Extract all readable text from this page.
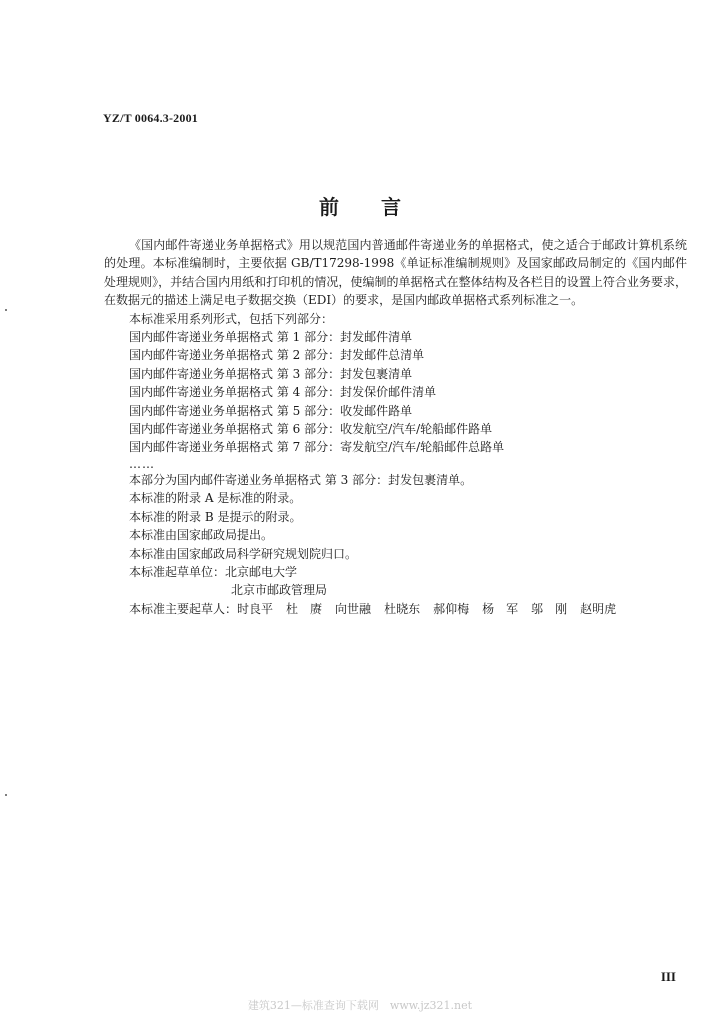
YZ/T 0064.3-2001
前 言

《国内邮件寄递业务单据格式》用以规范国内普通邮件寄递业务的单据格式，使之适合于邮政计算机系统的处理。本标准编制时，主要依据 GB/T17298-1998《单证标准编制规则》及国家邮政局制定的《国内邮件处理规则》，并结合国内用纸和打印机的情况，使编制的单据格式在整体结构及各栏目的设置上符合业务要求，在数据元的描述上满足电子数据交换（EDI）的要求，是国内邮政单据格式系列标准之一。

本标准采用系列形式，包括下列部分：

国内邮件寄递业务单据格式 第 1 部分：封发邮件清单

国内邮件寄递业务单据格式 第 2 部分：封发邮件总清单

国内邮件寄递业务单据格式 第 3 部分：封发包裹清单

国内邮件寄递业务单据格式 第 4 部分：封发保价邮件清单

国内邮件寄递业务单据格式 第 5 部分：收发邮件路单

国内邮件寄递业务单据格式 第 6 部分：收发航空/汽车/轮船邮件路单

国内邮件寄递业务单据格式 第 7 部分：寄发航空/汽车/轮船邮件总路单

……

本部分为国内邮件寄递业务单据格式 第 3 部分：封发包裹清单。

本标准的附录 A 是标准的附录。

本标准的附录 B 是提示的附录。

本标准由国家邮政局提出。

本标准由国家邮政局科学研究规划院归口。

本标准起草单位：北京邮电大学

北京市邮政管理局

本标准主要起草人：时良平 杜　赓 向世融 杜晓东 郝仰梅 杨　军 邬　刚 赵明虎

III
建筑321—标准查询下载网　www.jz321.net
